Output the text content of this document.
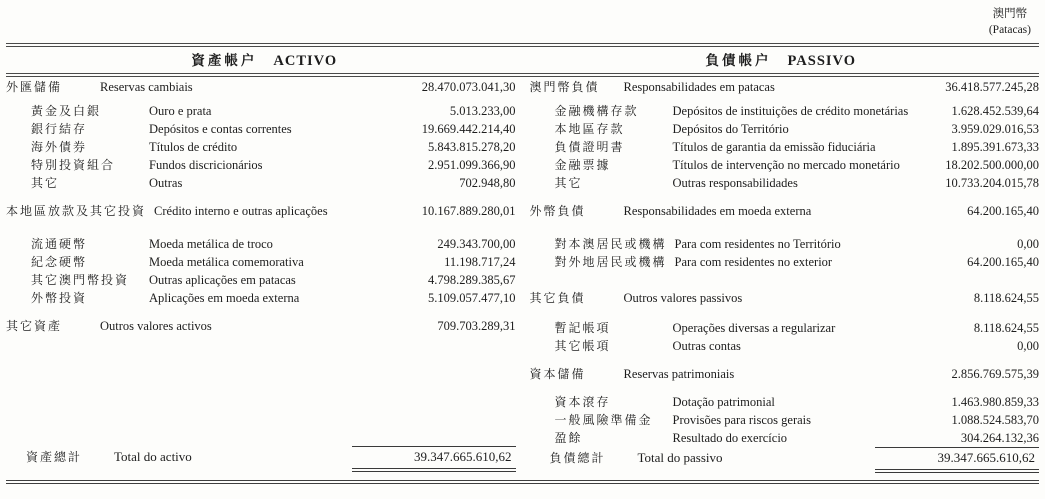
澳門幣
(Patacas)
資產帳户 ACTIVO	負債帳户 PASSIVO
外匯儲備	Reservas cambiais	28.470.073.041,30
黃金及白銀	Ouro e prata	5.013.233,00
銀行結存	Depósitos e contas correntes	19.669.442.214,40
海外債券	Títulos de crédito	5.843.815.278,20
特別投資組合	Fundos discricionários	2.951.099.366,90
其它	Outras	702.948,80
本地區放款及其它投資 Crédito interno e outras aplicações	10.167.889.280,01
流通硬幣	Moeda metálica de troco	249.343.700,00
紀念硬幣	Moeda metálica comemorativa	11.198.717,24
其它澳門幣投資	Outras aplicações em patacas	4.798.289.385,67
外幣投資	Aplicações em moeda externa	5.109.057.477,10
其它資產	Outros valores activos	709.703.289,31
資產總計	Total do activo	39.347.665.610,62
澳門幣負債	Responsabilidades em patacas	36.418.577.245,28
金融機構存款	Depósitos de instituições de crédito monetárias	1.628.452.539,64
本地區存款	Depósitos do Território	3.959.029.016,53
負債證明書	Títulos de garantia da emissão fiduciária	1.895.391.673,33
金融票據	Títulos de intervenção no mercado monetário	18.202.500.000,00
其它	Outras responsabilidades	10.733.204.015,78
外幣負債	Responsabilidades em moeda externa	64.200.165,40
對本澳居民或機構 Para com residentes no Território	0,00
對外地居民或機構 Para com residentes no exterior	64.200.165,40
其它負債	Outros valores passivos	8.118.624,55
暫記帳項	Operações diversas a regularizar	8.118.624,55
其它帳項	Outras contas	0,00
資本儲備	Reservas patrimoniais	2.856.769.575,39
資本滾存	Dotação patrimonial	1.463.980.859,33
一般風險準備金	Provisões para riscos gerais	1.088.524.583,70
盈餘	Resultado do exercício	304.264.132,36
負債總計	Total do passivo	39.347.665.610,62
